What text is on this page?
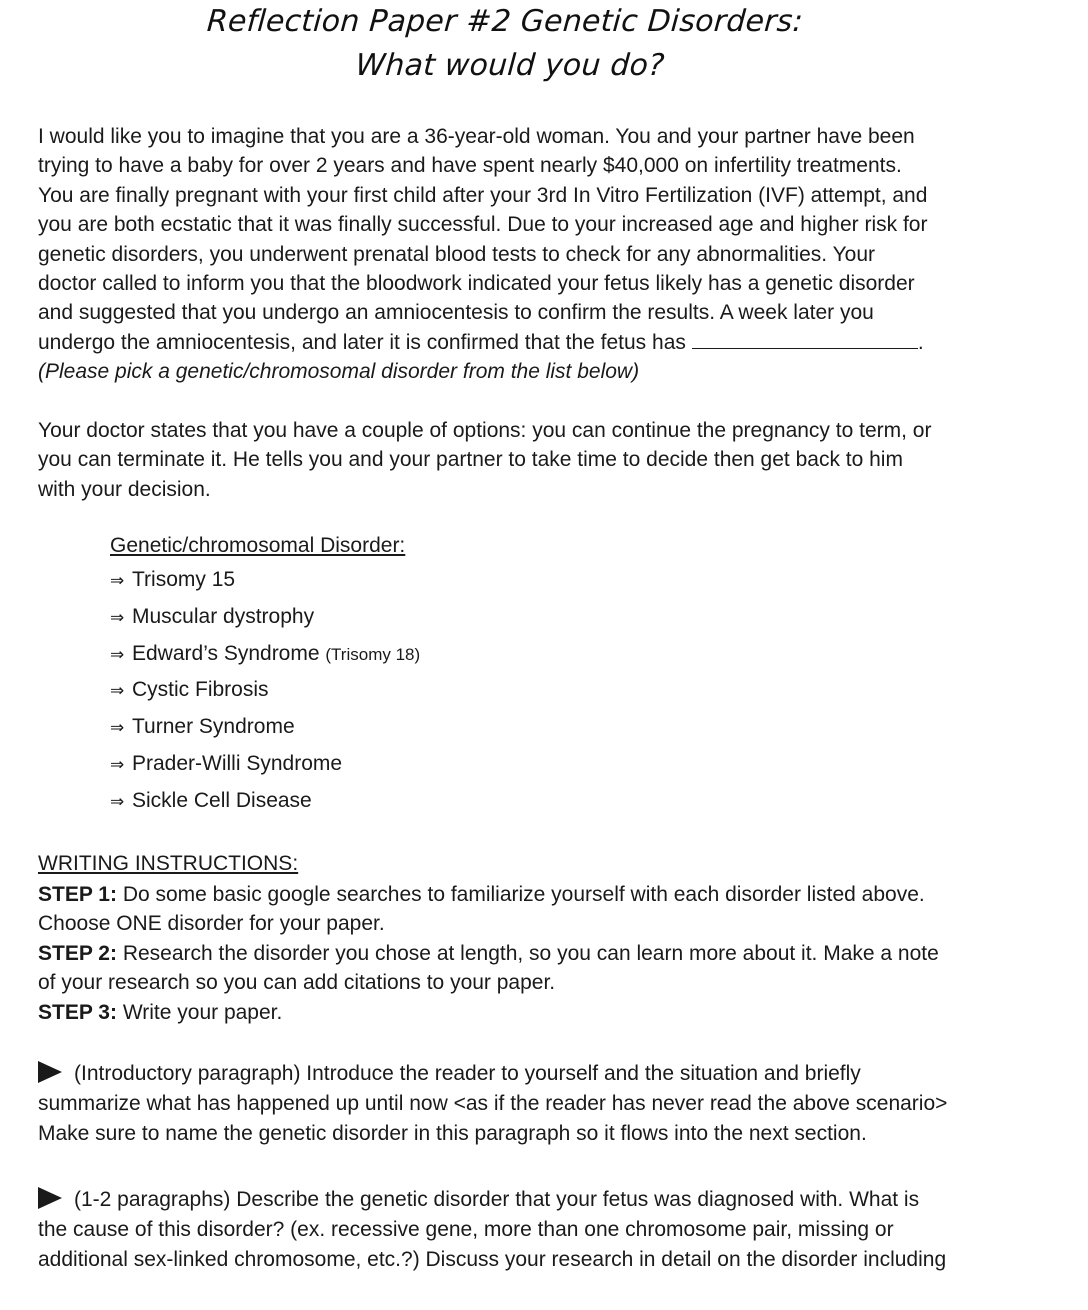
Reflection Paper #2 Genetic Disorders:
What would you do?
I would like you to imagine that you are a 36-year-old woman. You and your partner have been
trying to have a baby for over 2 years and have spent nearly $40,000 on infertility treatments.
You are finally pregnant with your first child after your 3rd In Vitro Fertilization (IVF) attempt, and
you are both ecstatic that it was finally successful. Due to your increased age and higher risk for
genetic disorders, you underwent prenatal blood tests to check for any abnormalities. Your
doctor called to inform you that the bloodwork indicated your fetus likely has a genetic disorder
and suggested that you undergo an amniocentesis to confirm the results. A week later you
undergo the amniocentesis, and later it is confirmed that the fetus has	.
(Please pick a genetic/chromosomal disorder from the list below)
Your doctor states that you have a couple of options: you can continue the pregnancy to term, or
you can terminate it. He tells you and your partner to take time to decide then get back to him
with your decision.
Genetic/chromosomal Disorder:
⇒ Trisomy 15
⇒ Muscular dystrophy
⇒ Edward’s Syndrome (Trisomy 18)
⇒ Cystic Fibrosis
⇒ Turner Syndrome
⇒ Prader-Willi Syndrome
⇒ Sickle Cell Disease
WRITING INSTRUCTIONS:
STEP 1: Do some basic google searches to familiarize yourself with each disorder listed above.
Choose ONE disorder for your paper.
STEP 2: Research the disorder you chose at length, so you can learn more about it. Make a note
of your research so you can add citations to your paper.
STEP 3: Write your paper.
(Introductory paragraph) Introduce the reader to yourself and the situation and briefly
summarize what has happened up until now <as if the reader has never read the above scenario>
Make sure to name the genetic disorder in this paragraph so it flows into the next section.
(1-2 paragraphs) Describe the genetic disorder that your fetus was diagnosed with. What is
the cause of this disorder? (ex. recessive gene, more than one chromosome pair, missing or
additional sex-linked chromosome, etc.?) Discuss your research in detail on the disorder including
